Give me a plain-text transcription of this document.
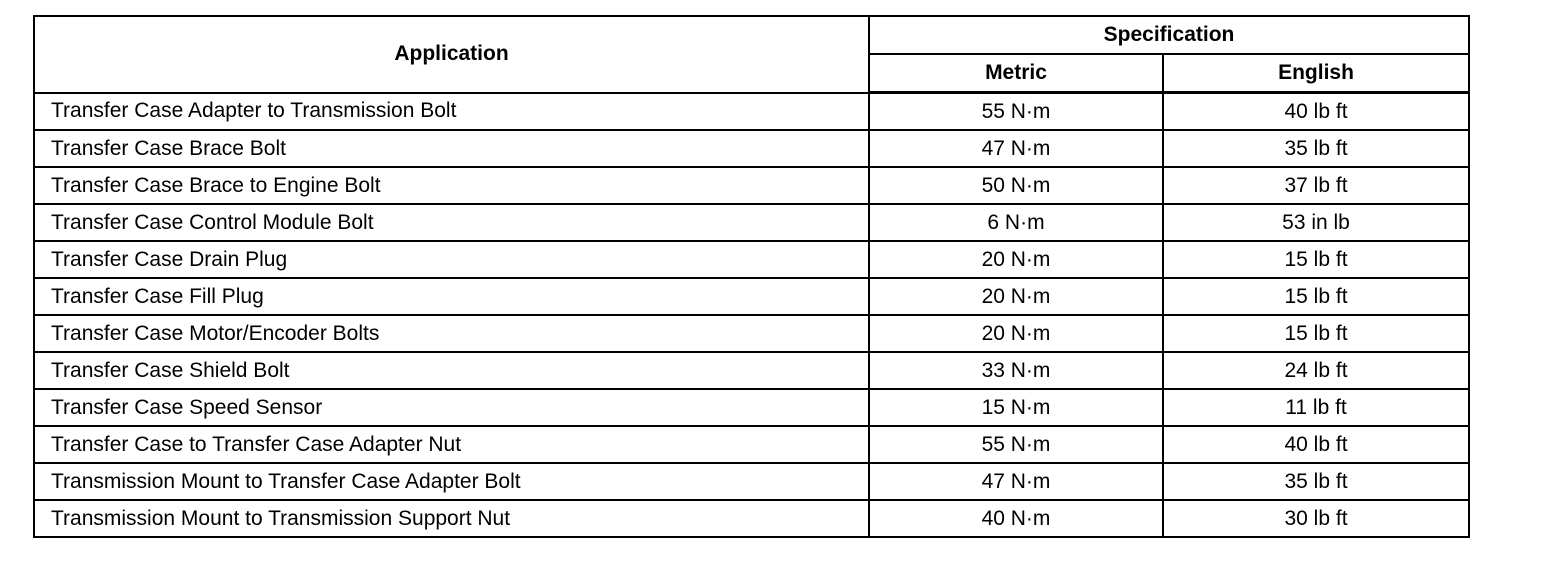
Application	Specification	
	Metric	English
Transfer Case Adapter to Transmission Bolt	55 N·m	40 lb ft
Transfer Case Brace Bolt	47 N·m	35 lb ft
Transfer Case Brace to Engine Bolt	50 N·m	37 lb ft
Transfer Case Control Module Bolt	6 N·m	53 in lb
Transfer Case Drain Plug	20 N·m	15 lb ft
Transfer Case Fill Plug	20 N·m	15 lb ft
Transfer Case Motor/Encoder Bolts	20 N·m	15 lb ft
Transfer Case Shield Bolt	33 N·m	24 lb ft
Transfer Case Speed Sensor	15 N·m	11 lb ft
Transfer Case to Transfer Case Adapter Nut	55 N·m	40 lb ft
Transmission Mount to Transfer Case Adapter Bolt	47 N·m	35 lb ft
Transmission Mount to Transmission Support Nut	40 N·m	30 lb ft
